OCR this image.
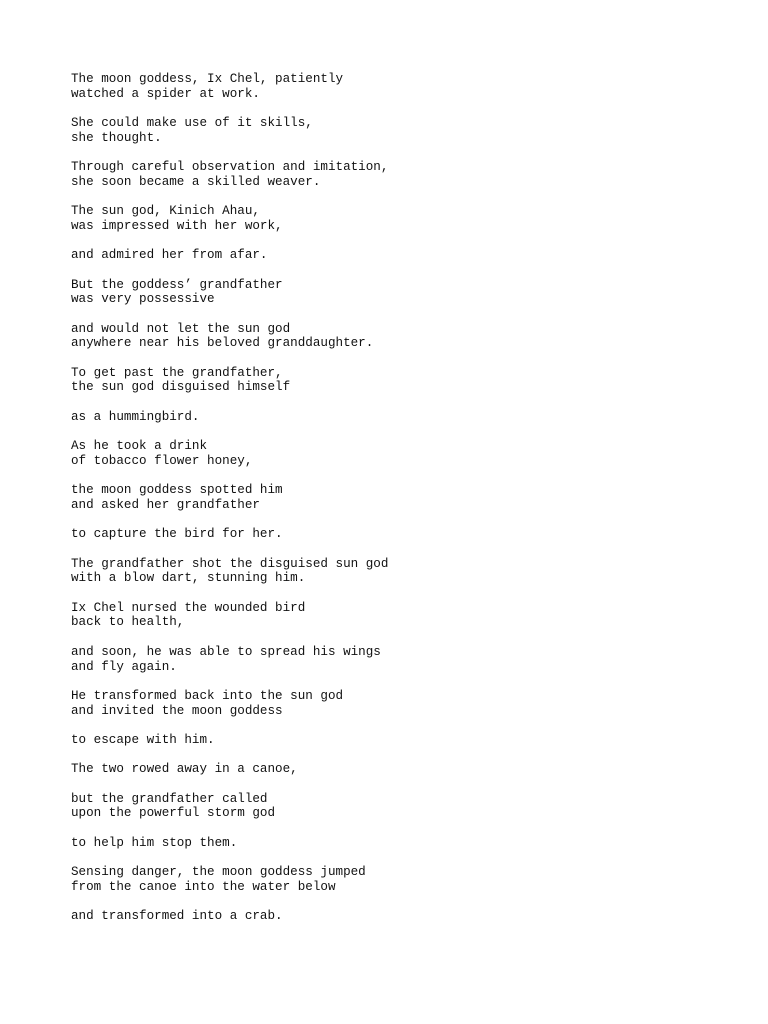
The moon goddess, Ix Chel, patiently
watched a spider at work.
She could make use of it skills,
she thought.
Through careful observation and imitation,
she soon became a skilled weaver.
The sun god, Kinich Ahau,
was impressed with her work,
and admired her from afar.
But the goddess’ grandfather
was very possessive
and would not let the sun god
anywhere near his beloved granddaughter.
To get past the grandfather,
the sun god disguised himself
as a hummingbird.
As he took a drink
of tobacco flower honey,
the moon goddess spotted him
and asked her grandfather
to capture the bird for her.
The grandfather shot the disguised sun god
with a blow dart, stunning him.
Ix Chel nursed the wounded bird
back to health,
and soon, he was able to spread his wings
and fly again.
He transformed back into the sun god
and invited the moon goddess
to escape with him.
The two rowed away in a canoe,
but the grandfather called
upon the powerful storm god
to help him stop them.
Sensing danger, the moon goddess jumped
from the canoe into the water below
and transformed into a crab.
